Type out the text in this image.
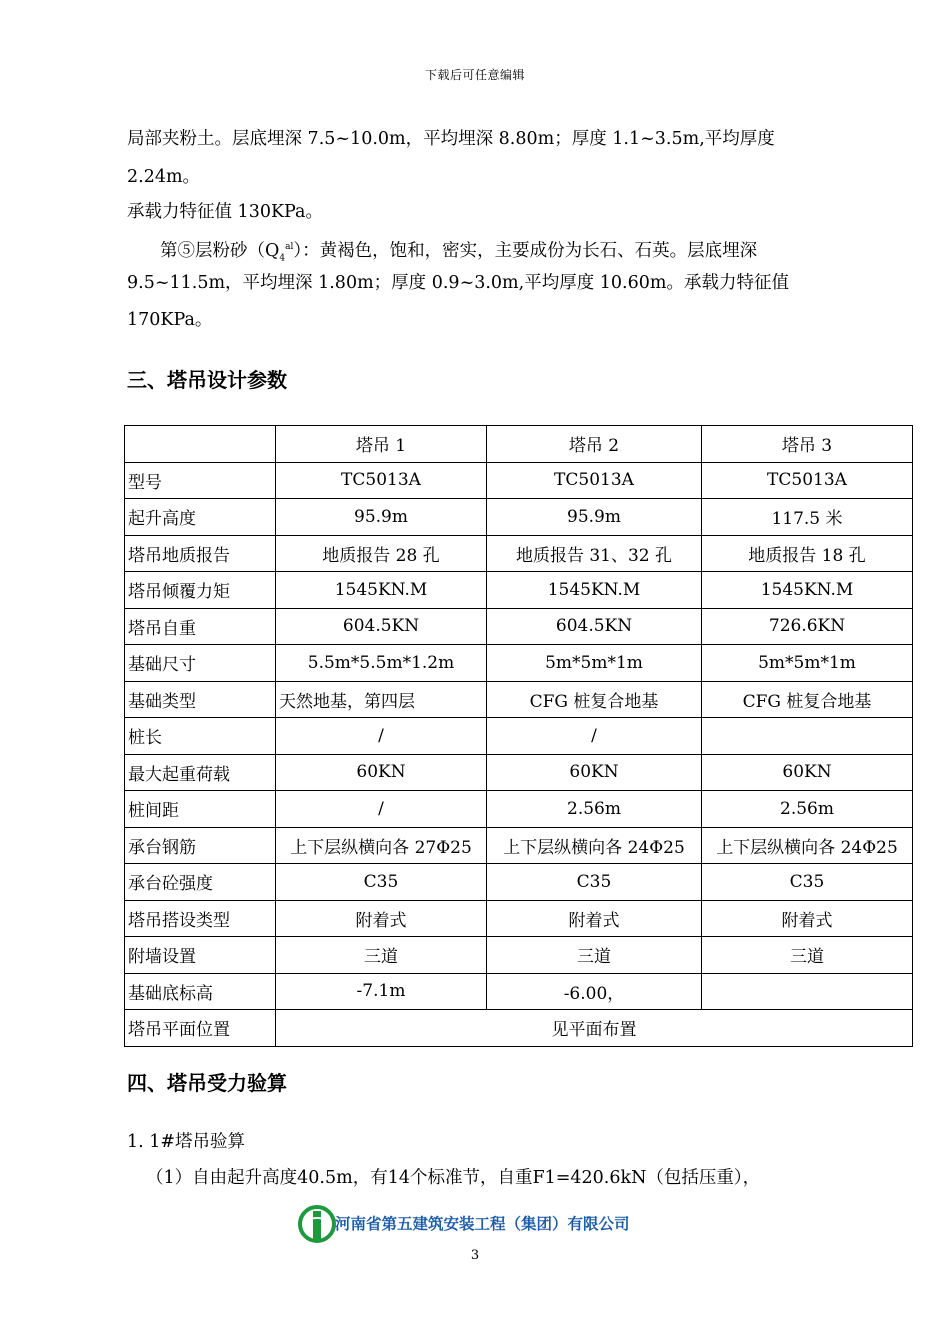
下载后可任意编辑
局部夹粉土。层底埋深 7.5~10.0m，平均埋深 8.80m；厚度 1.1~3.5m,平均厚度
2.24m。
承载力特征值 130KPa。
第⑤层粉砂$(Q_4^{al})$：黄褐色，饱和，密实，主要成份为长石、石英。层底埋深
9.5~11.5m，平均埋深 1.80m；厚度 0.9~3.0m,平均厚度 10.60m。承载力特征值
170KPa。
三、塔吊设计参数
	塔吊 1	塔吊 2	塔吊 3
型号	TC5013A	TC5013A	TC5013A
起升高度	95.9m	95.9m	117.5 米
塔吊地质报告	地质报告 28 孔	地质报告 31、32 孔	地质报告 18 孔
塔吊倾覆力矩	1545KN.M	1545KN.M	1545KN.M
塔吊自重	604.5KN	604.5KN	726.6KN
基础尺寸	5.5m*5.5m*1.2m	5m*5m*1m	5m*5m*1m
基础类型	天然地基，第四层	CFG 桩复合地基	CFG 桩复合地基
桩长	/	/	
最大起重荷载	60KN	60KN	60KN
桩间距	/	2.56m	2.56m
承台钢筋	上下层纵横向各 27Φ25	上下层纵横向各 24Φ25	上下层纵横向各 24Φ25
承台砼强度	C35	C35	C35
塔吊搭设类型	附着式	附着式	附着式
附墙设置	三道	三道	三道
基础底标高	-7.1m	-6.00，	
塔吊平面位置	见平面布置		
四、塔吊受力验算
1. 1#塔吊验算
（1）自由起升高度40.5m，有14个标准节，自重F1=420.6kN（包括压重），
河南省第五建筑安装工程（集团）有限公司
3
